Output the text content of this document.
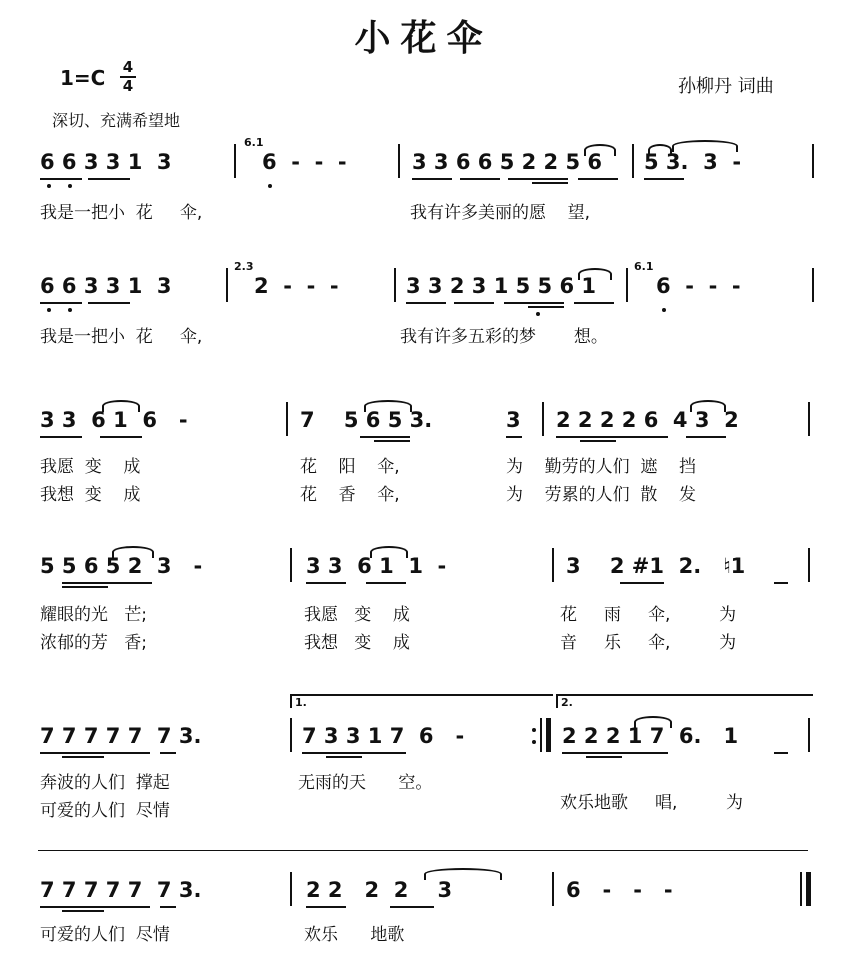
小花伞
1=C 4
4	孙柳丹 词曲
深切、充满希望地
6 6 3 3 1  3
6.1
6  -  -  -	3 3 6 6 5 2 2 5 6 5 3.  3  -
我是一把小  花     伞,	我有许多美丽的愿    望,
6 6 3 3 1  3
2.3
2  -  -  -	3 3 2 3 1 5 5 6 1
6.1
6  -  -  -
我是一把小  花     伞,	我有许多五彩的梦       想。
3 3  6 1  6   -	7    5 6 5 3.	3 2 2 2 2 6  4 3  2
我愿  变    成	花    阳    伞,	为    勤劳的人们  遮    挡
我想  变    成	花    香    伞,	为    劳累的人们  散    发
5 5 6 5 2  3   -	3 3  6 1  1  -	3    2 #1  2.   ♮1
耀眼的光   芒;	我愿   变    成	花     雨     伞,         为
浓郁的芳   香;	我想   变    成	音     乐     伞,         为
1.	2.
7 7 7 7 7  7 3.	7 3 3 1 7  6   -	2 2 2 1 7  6.   1
奔波的人们  撑起	无雨的天      空。
可爱的人们  尽情	欢乐地歌     唱,         为
7 7 7 7 7  7 3.	2 2   2  2    3	6   -   -   -
可爱的人们  尽情	欢乐      地歌
